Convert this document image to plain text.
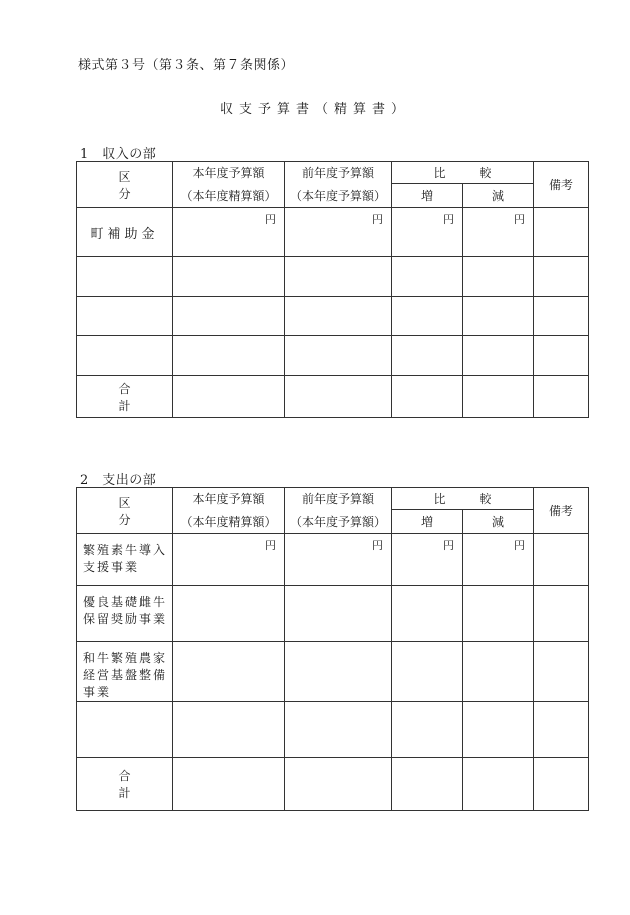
様式第３号（第３条、第７条関係）
収支予算書（精算書）
1　収入の部
区　分	本年度予算額	前年度予算額	比較		備考
	（本年度精算額）	（本年度予算額）	増	減	
町補助金	円	円	円	円	

合　計					
2　支出の部
区　分	本年度予算額	前年度予算額	比較		備考
	（本年度精算額）	（本年度予算額）	増	減	
繁殖素牛導入支援事業	円	円	円	円	
優良基礎雌牛保留奨励事業					
和牛繁殖農家経営基盤整備事業					

合　計					
